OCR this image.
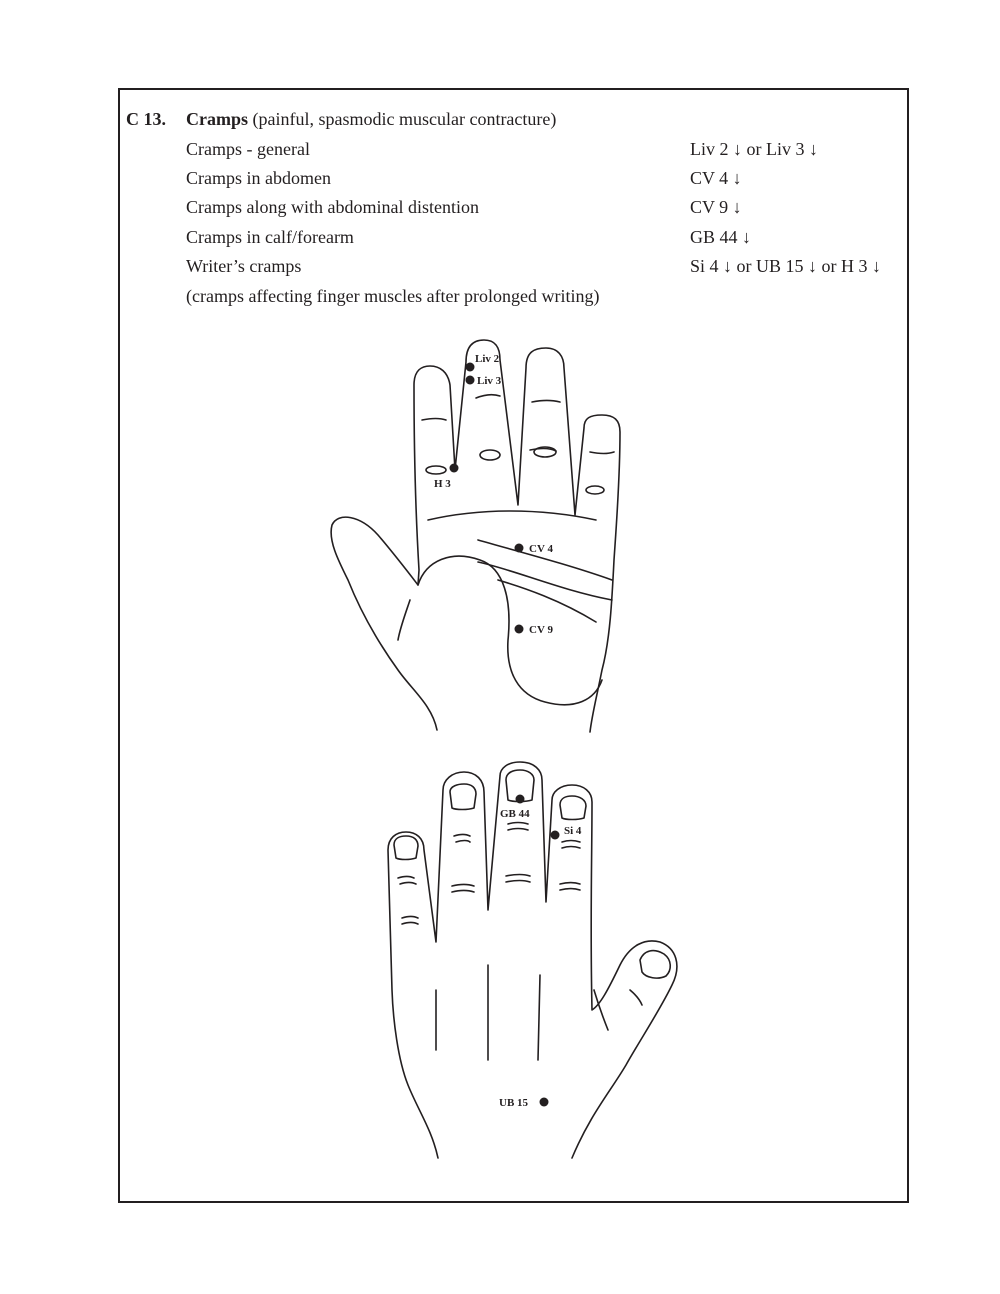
C 13. Cramps (painful, spasmodic muscular contracture)
Cramps - general	Liv 2 ↓ or Liv 3 ↓
Cramps in abdomen	CV 4 ↓
Cramps along with abdominal distention	CV 9 ↓
Cramps in calf/forearm	GB 44 ↓
Writer’s cramps	Si 4 ↓ or UB 15 ↓ or H 3 ↓
(cramps affecting finger muscles after prolonged writing)
Liv 2
Liv 3
H 3
CV 4
CV 9
GB 44
Si 4
UB 15
